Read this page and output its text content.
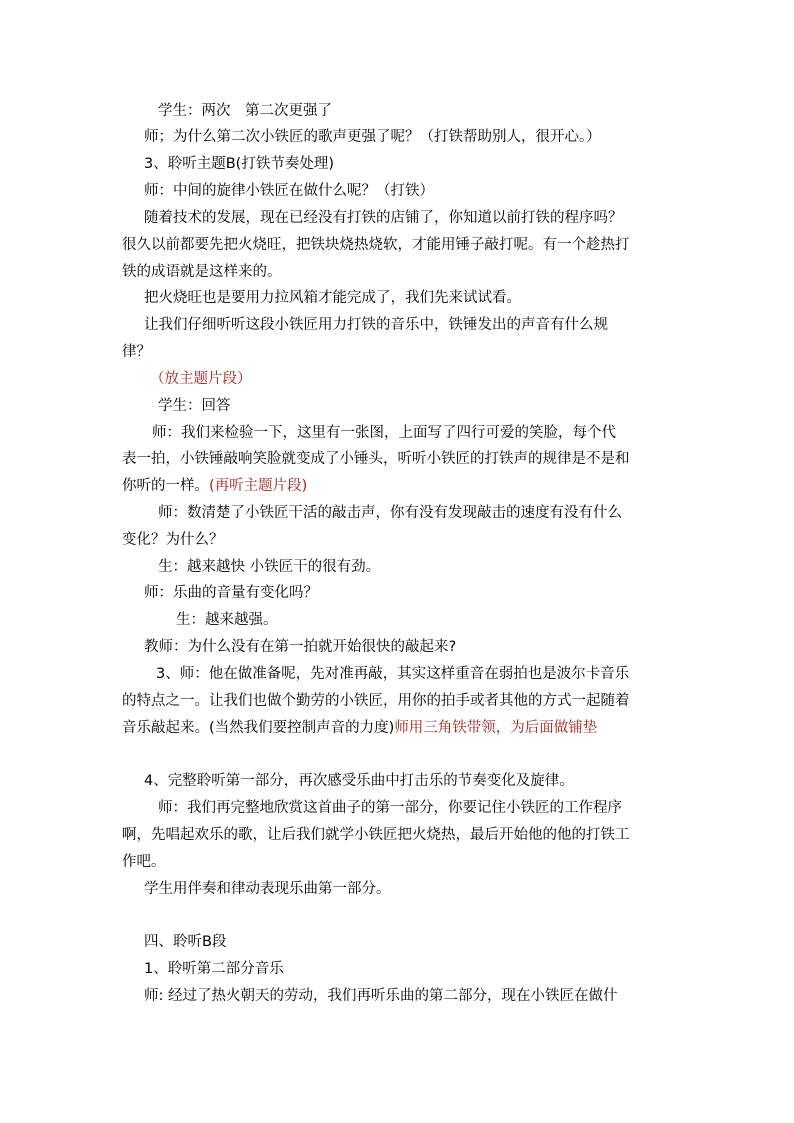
学生：两次　第二次更强了
师；为什么第二次小铁匠的歌声更强了呢？（打铁帮助别人，很开心。）
3、聆听主题B(打铁节奏处理)
师：中间的旋律小铁匠在做什么呢？（打铁）
随着技术的发展，现在已经没有打铁的店铺了，你知道以前打铁的程序吗？
很久以前都要先把火烧旺，把铁块烧热烧软，才能用锤子敲打呢。有一个趁热打
铁的成语就是这样来的。
把火烧旺也是要用力拉风箱才能完成了，我们先来试试看。
让我们仔细听听这段小铁匠用力打铁的音乐中，铁锤发出的声音有什么规
律？
（放主题片段）
学生：回答
师：我们来检验一下，这里有一张图，上面写了四行可爱的笑脸，每个代
表一拍，小铁锤敲响笑脸就变成了小锤头，听听小铁匠的打铁声的规律是不是和
你听的一样。(再听主题片段)
师：数清楚了小铁匠干活的敲击声，你有没有发现敲击的速度有没有什么
变化？为什么？
生：越来越快 小铁匠干的很有劲。
师：乐曲的音量有变化吗？
生：越来越强。
教师：为什么没有在第一拍就开始很快的敲起来?
3、师：他在做准备呢，先对准再敲，其实这样重音在弱拍也是波尔卡音乐
的特点之一。让我们也做个勤劳的小铁匠，用你的拍手或者其他的方式一起随着
音乐敲起来。(当然我们要控制声音的力度)师用三角铁带领，为后面做铺垫
4、完整聆听第一部分，再次感受乐曲中打击乐的节奏变化及旋律。
师：我们再完整地欣赏这首曲子的第一部分，你要记住小铁匠的工作程序
啊，先唱起欢乐的歌，让后我们就学小铁匠把火烧热，最后开始他的他的打铁工
作吧。
学生用伴奏和律动表现乐曲第一部分。
四、聆听B段
1、聆听第二部分音乐
师: 经过了热火朝天的劳动，我们再听乐曲的第二部分，现在小铁匠在做什
